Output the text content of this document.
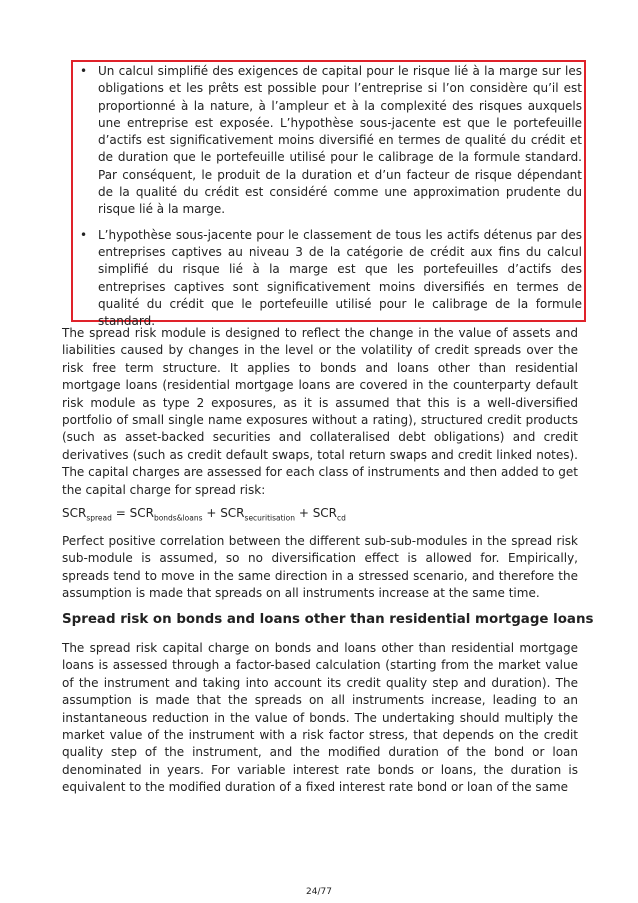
• Un calcul simplifié des exigences de capital pour le risque lié à la marge sur les obligations et les prêts est possible pour l’entreprise si l’on considère qu’il est proportionné à la nature, à l’ampleur et à la complexité des risques auxquels une entreprise est exposée. L’hypothèse sous-jacente est que le portefeuille d’actifs est significativement moins diversifié en termes de qualité du crédit et de duration que le portefeuille utilisé pour le calibrage de la formule standard. Par conséquent, le produit de la duration et d’un facteur de risque dépendant de la qualité du crédit est considéré comme une approximation prudente du risque lié à la marge.
• L’hypothèse sous-jacente pour le classement de tous les actifs détenus par des entreprises captives au niveau 3 de la catégorie de crédit aux fins du calcul simplifié du risque lié à la marge est que les portefeuilles d’actifs des entreprises captives sont significativement moins diversifiés en termes de qualité du crédit que le portefeuille utilisé pour le calibrage de la formule standard.

The spread risk module is designed to reflect the change in the value of assets and liabilities caused by changes in the level or the volatility of credit spreads over the risk free term structure. It applies to bonds and loans other than residential mortgage loans (residential mortgage loans are covered in the counterparty default risk module as type 2 exposures, as it is assumed that this is a well-diversified portfolio of small single name exposures without a rating), structured credit products (such as asset-backed securities and collateralised debt obligations) and credit derivatives (such as credit default swaps, total return swaps and credit linked notes). The capital charges are assessed for each class of instruments and then added to get the capital charge for spread risk:

$SCR_{spread} = SCR_{bonds\&loans} + SCR_{securitisation} + SCR_{cd}$

Perfect positive correlation between the different sub-sub-modules in the spread risk sub-module is assumed, so no diversification effect is allowed for. Empirically, spreads tend to move in the same direction in a stressed scenario, and therefore the assumption is made that spreads on all instruments increase at the same time.

Spread risk on bonds and loans other than residential mortgage loans

The spread risk capital charge on bonds and loans other than residential mortgage loans is assessed through a factor-based calculation (starting from the market value of the instrument and taking into account its credit quality step and duration). The assumption is made that the spreads on all instruments increase, leading to an instantaneous reduction in the value of bonds. The undertaking should multiply the market value of the instrument with a risk factor stress, that depends on the credit quality step of the instrument, and the modified duration of the bond or loan denominated in years. For variable interest rate bonds or loans, the duration is equivalent to the modified duration of a fixed interest rate bond or loan of the same

24/77
